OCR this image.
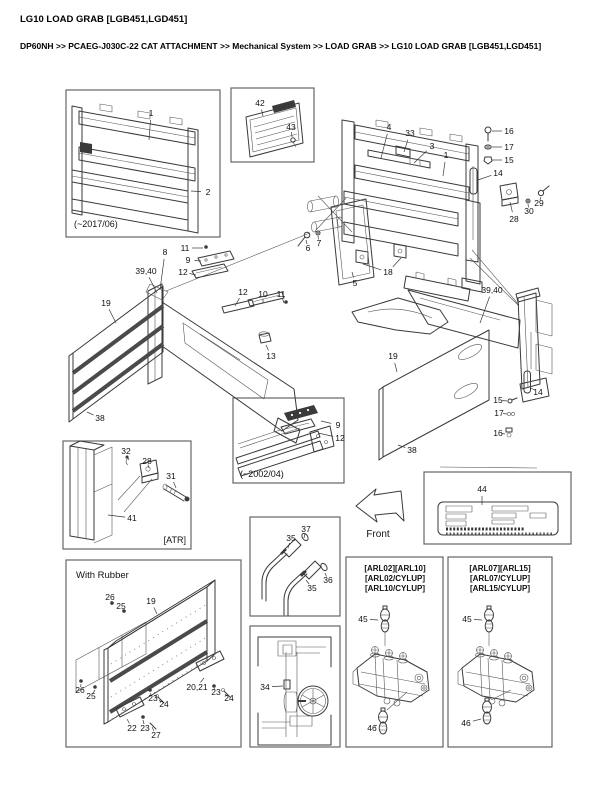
LG10 LOAD GRAB [LGB451,LGD451]
DP60NH >> PCAEG-J030C-22 CAT ATTACHMENT >> Mechanical System >> LOAD GRAB >> LG10 LOAD GRAB [LGB451,LGD451]
(~2017/06)
(~2002/04)
[ATR]	Front
With Rubber
[ARL02][ARL10]
[ARL02/CYLUP]
[ARL10/CYLUP]
[ARL07][ARL15]
[ARL07/CYLUP]
[ARL15/CYLUP]
1
2
42
43	4
33
3
1
16
17
15
14
29
30
28
6 7
5
18
8 11
9
12
39,40
19
12 10 11
13
38
39,40
19
14
15
17
16
38
9
12
32
28
31
41
44
26
25 19
26
25
20,21 23
24
23
24
22 23
27
37
35
36
35
34
45
46
45
46
